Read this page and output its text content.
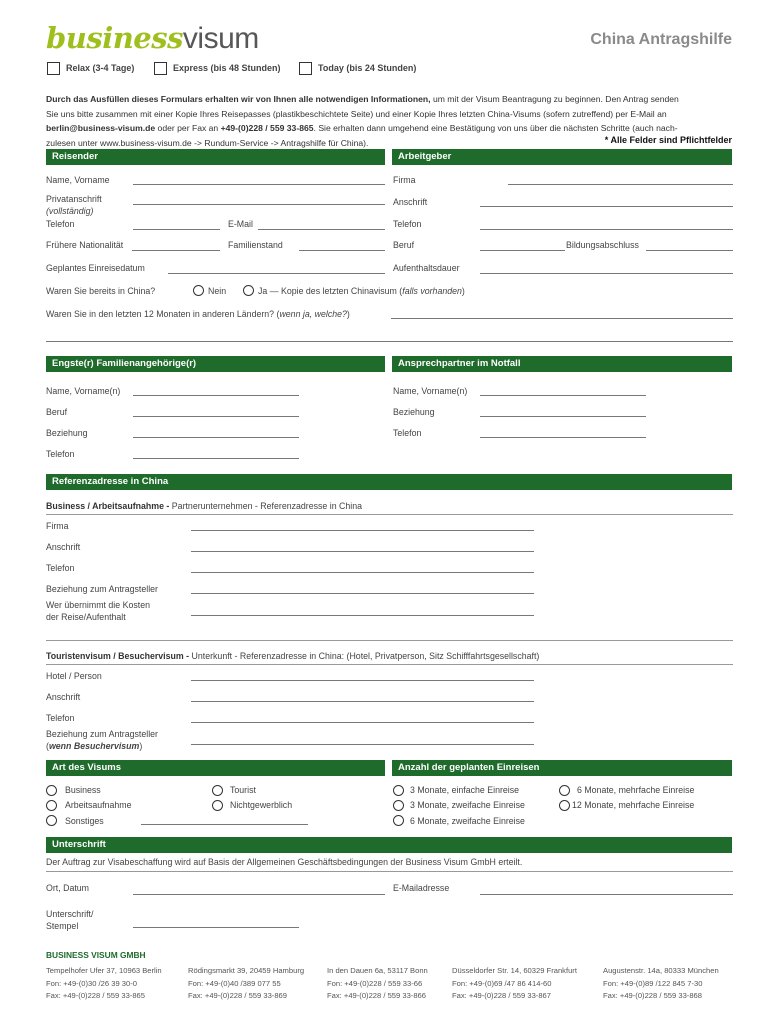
businessvisum	China Antragshilfe
Relax (3-4 Tage)	Express (bis 48 Stunden)	Today (bis 24 Stunden)
Durch das Ausfüllen dieses Formulars erhalten wir von Ihnen alle notwendigen Informationen, um mit der Visum Beantragung zu beginnen. Den Antrag senden
Sie uns bitte zusammen mit einer Kopie Ihres Reisepasses (plastikbeschichtete Seite) und einer Kopie Ihres letzten China-Visums (sofern zutreffend) per E-Mail an
berlin@business-visum.de oder per Fax an +49-(0)228 / 559 33-865. Sie erhalten dann umgehend eine Bestätigung von uns über die nächsten Schritte (auch nach-
zulesen unter www.business-visum.de -> Rundum-Service -> Antragshilfe für China).	* Alle Felder sind Pflichtfelder
Reisender	Arbeitgeber
Name, Vorname
Privatanschrift
(vollständig)
Telefon	E-Mail
Frühere Nationalität	Familienstand
Geplantes Einreisedatum
Waren Sie bereits in China?	Nein	Ja — Kopie des letzten Chinavisum (falls vorhanden)
Waren Sie in den letzten 12 Monaten in anderen Ländern? (wenn ja, welche?)
Firma
Anschrift
Telefon
Beruf	Bildungsabschluss
Aufenthaltsdauer
Engste(r) Familienangehörige(r)	Ansprechpartner im Notfall
Name, Vorname(n)
Beruf
Beziehung
Telefon
Name, Vorname(n)
Beziehung
Telefon
Referenzadresse in China
Business / Arbeitsaufnahme - Partnerunternehmen - Referenzadresse in China
Firma
Anschrift
Telefon
Beziehung zum Antragsteller
Wer übernimmt die Kosten
der Reise/Aufenthalt
Touristenvisum / Besuchervisum - Unterkunft - Referenzadresse in China: (Hotel, Privatperson, Sitz Schifffahrtsgesellschaft)
Hotel / Person
Anschrift
Telefon
Beziehung zum Antragsteller
(wenn Besuchervisum)
Art des Visums	Anzahl der geplanten Einreisen
Business
Arbeitsaufnahme
Sonstiges
Tourist
Nichtgewerblich
3 Monate, einfache Einreise
3 Monate, zweifache Einreise
6 Monate, zweifache Einreise
6 Monate, mehrfache Einreise
12 Monate, mehrfache Einreise
Unterschrift
Der Auftrag zur Visabeschaffung wird auf Basis der Allgemeinen Geschäftsbedingungen der Business Visum GmbH erteilt.
Ort, Datum	E-Mailadresse
Unterschrift/
Stempel
BUSINESS VISUM GMBH
Tempelhofer Ufer 37, 10963 Berlin
Fon: +49-(0)30 /26 39 30-0
Fax: +49-(0)228 / 559 33-865
Rödingsmarkt 39, 20459 Hamburg
Fon: +49-(0)40 /389 077 55
Fax: +49-(0)228 / 559 33-869
In den Dauen 6a, 53117 Bonn
Fon: +49-(0)228 / 559 33-66
Fax: +49-(0)228 / 559 33-866
Düsseldorfer Str. 14, 60329 Frankfurt
Fon: +49-(0)69 /47 86 414-60
Fax: +49-(0)228 / 559 33-867
Augustenstr. 14a, 80333 München
Fon: +49-(0)89 /122 845 7-30
Fax: +49-(0)228 / 559 33-868
